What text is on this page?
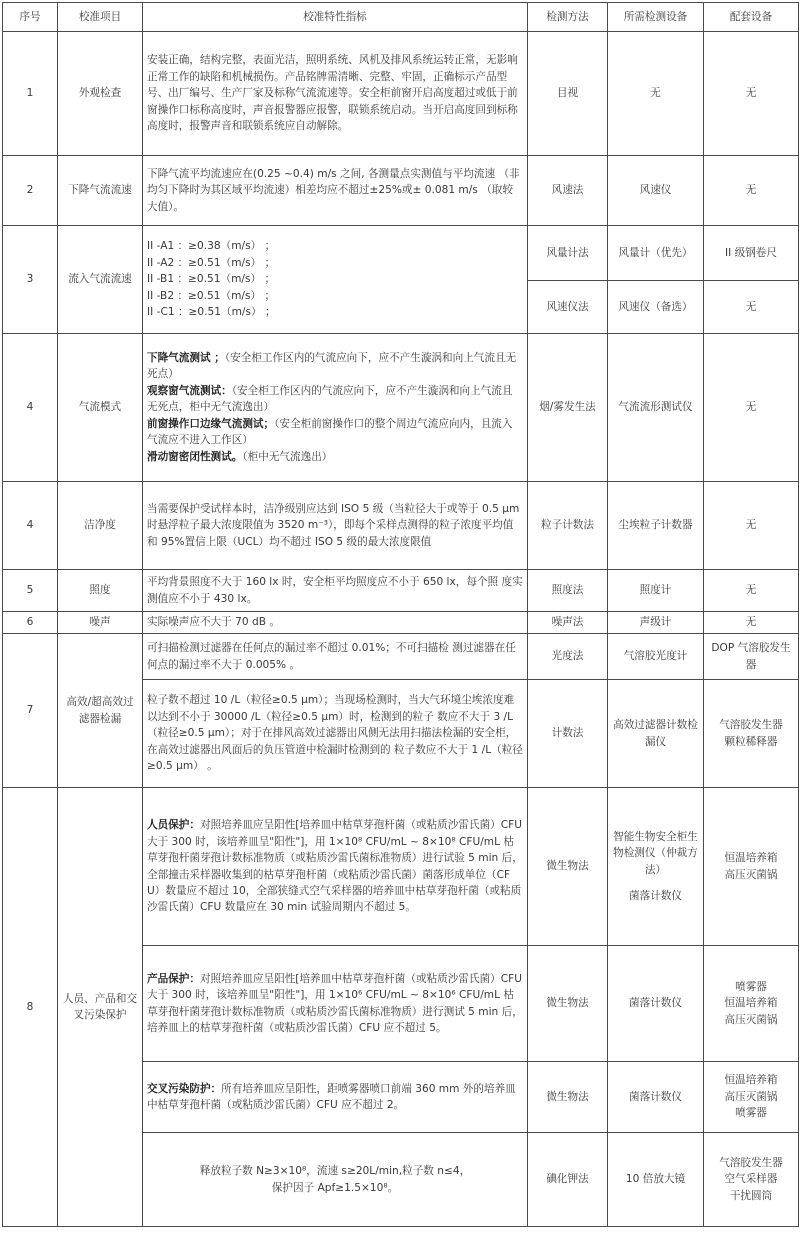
序号	校准项目	校准特性指标	检测方法	所需检测设备	配套设备
1	外观检查	安装正确，结构完整，表面光洁，照明系统、风机及排风系统运转正常，无影响正常工作的缺陷和机械损伤。产品铭牌需清晰、完整、牢固，正确标示产品型号、出厂编号、生产厂家及标称气流流速等。安全柜前窗开启高度超过或低于前窗操作口标称高度时，声音报警器应报警，联锁系统启动。当开启高度回到标称高度时，报警声音和联锁系统应自动解除。	目视	无	无
2	下降气流流速	下降气流平均流速应在(0.25 ~0.4) m/s 之间, 各测量点实测值与平均流速 （非均匀下降时为其区域平均流速）相差均应不超过±25%或± 0.081 m/s （取较大值）。	风速法	风速仪	无
3	流入气流流速	II -A1 ：≥0.38（m/s） ；
II -A2 ：≥0.51（m/s） ；
II -B1 ：≥0.51（m/s） ；
II -B2 ：≥0.51（m/s） ；
II -C1 ：≥0.51（m/s） ；	风量计法	风量计（优先）	II 级钢卷尺
			风速仪法	风速仪（备选）	无
4	气流模式	下降气流测试 ；（安全柜工作区内的气流应向下，应不产生漩涡和向上气流且无死点）
观察窗气流测试：（安全柜工作区内的气流应向下，应不产生漩涡和向上气流且无死点，柜中无气流逸出）
前窗操作口边缘气流测试；（安全柜前窗操作口的整个周边气流应向内，且流入气流应不进入工作区）
滑动窗密闭性测试。（柜中无气流逸出）	烟/雾发生法	气流流形测试仪	无
4	洁净度	当需要保护受试样本时，洁净级别应达到 ISO 5 级（当粒径大于或等于 0.5 μm 时悬浮粒子最大浓度限值为 3520 m⁻³），即每个采样点测得的粒子浓度平均值和 95%置信上限（UCL）均不超过 ISO 5 级的最大浓度限值	粒子计数法	尘埃粒子计数器	无
5	照度	平均背景照度不大于 160 lx 时，安全柜平均照度应不小于 650 lx，每个照 度实测值应不小于 430 lx。	照度法	照度计	无
6	噪声	实际噪声应不大于 70 dB 。	噪声法	声级计	无
7	高效/超高效过滤器检漏	可扫描检测过滤器在任何点的漏过率不超过 0.01%；不可扫描检 测过滤器在任何点的漏过率不大于 0.005% 。	光度法	气溶胶光度计	DOP 气溶胶发生器
		粒子数不超过 10 /L（粒径≥0.5 μm）；当现场检测时，当大气环境尘埃浓度难以达到不小于 30000 /L（粒径≥0.5 μm）时，检测到的粒子 数应不大于 3 /L（粒径≥0.5 μm）；对于在排风高效过滤器出风侧无法用扫描法检漏的安全柜，在高效过滤器出风面后的负压管道中检漏时检测到的 粒子数应不大于 1 /L（粒径≥0.5 μm） 。	计数法	高效过滤器计数检漏仪	气溶胶发生器
颗粒稀释器

8	人员、产品和交叉污染保护	人员保护：对照培养皿应呈阳性[培养皿中枯草芽孢杆菌（或粘质沙雷氏菌）CFU 大于 300 时，该培养皿呈"阳性"]，用 1×10⁸ CFU/mL ~ 8×10⁸ CFU/mL 枯草芽孢杆菌芽孢计数标准物质（或粘质沙雷氏菌标准物质）进行试验 5 min 后，全部撞击采样器收集到的枯草芽孢杆菌（或粘质沙雷氏菌）菌落形成单位（CFU）数量应不超过 10，全部狭缝式空气采样器的培养皿中枯草芽孢杆菌（或粘质沙雷氏菌）CFU 数量应在 30 min 试验周期内不超过 5。	微生物法	智能生物安全柜生物检测仪（仲裁方法）
菌落计数仪	恒温培养箱
高压灭菌锅

		产品保护：对照培养皿应呈阳性[培养皿中枯草芽孢杆菌（或粘质沙雷氏菌）CFU 大于 300 时，该培养皿呈"阳性"]，用 1×10⁶ CFU/mL ~ 8×10⁶ CFU/mL 枯草芽孢杆菌芽孢计数标准物质（或粘质沙雷氏菌标准物质）进行测试 5 min 后，培养皿上的枯草芽孢杆菌（或粘质沙雷氏菌）CFU 应不超过 5。	微生物法	菌落计数仪	喷雾器
恒温培养箱
高压灭菌锅

		交叉污染防护：所有培养皿应呈阳性，距喷雾器喷口前端 360 mm 外的培养皿中枯草芽孢杆菌（或粘质沙雷氏菌）CFU 应不超过 2。	微生物法	菌落计数仪	恒温培养箱
高压灭菌锅
喷雾器

		释放粒子数 N≥3×10⁸，流速 s≥20L/min,粒子数 n≤4，
保护因子 Apf≥1.5×10⁸。	碘化钾法	10 倍放大镜	气溶胶发生器
空气采样器
干扰圆筒
